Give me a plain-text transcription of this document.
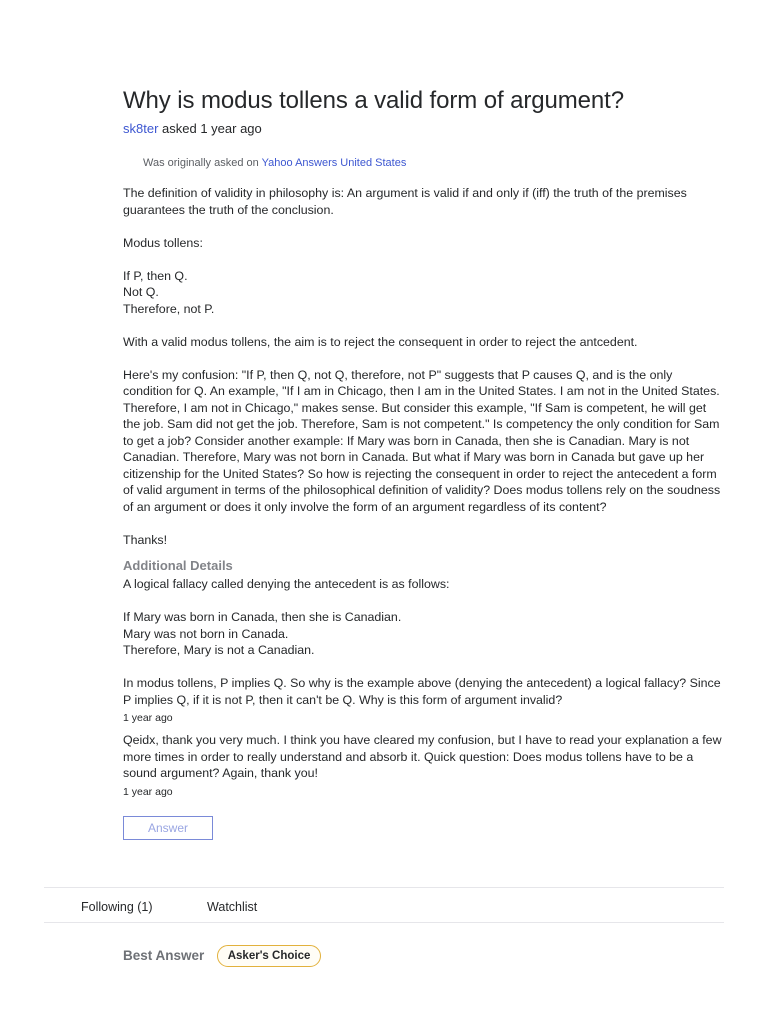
Why is modus tollens a valid form of argument?
sk8ter asked 1 year ago
Was originally asked on Yahoo Answers United States

The definition of validity in philosophy is: An argument is valid if and only if (iff) the truth of the premises guarantees the truth of the conclusion.

Modus tollens:

If P, then Q.
Not Q.
Therefore, not P.

With a valid modus tollens, the aim is to reject the consequent in order to reject the antcedent.

Here's my confusion: "If P, then Q, not Q, therefore, not P" suggests that P causes Q, and is the only condition for Q. An example, "If I am in Chicago, then I am in the United States. I am not in the United States. Therefore, I am not in Chicago," makes sense. But consider this example, "If Sam is competent, he will get the job. Sam did not get the job. Therefore, Sam is not competent." Is competency the only condition for Sam to get a job? Consider another example: If Mary was born in Canada, then she is Canadian. Mary is not Canadian. Therefore, Mary was not born in Canada. But what if Mary was born in Canada but gave up her citizenship for the United States? So how is rejecting the consequent in order to reject the antecedent a form of valid argument in terms of the philosophical definition of validity? Does modus tollens rely on the soudness of an argument or does it only involve the form of an argument regardless of its content?

Thanks!

Additional Details

A logical fallacy called denying the antecedent is as follows:

If Mary was born in Canada, then she is Canadian.
Mary was not born in Canada.
Therefore, Mary is not a Canadian.

In modus tollens, P implies Q. So why is the example above (denying the antecedent) a logical fallacy? Since P implies Q, if it is not P, then it can't be Q. Why is this form of argument invalid?

1 year ago

Qeidx, thank you very much. I think you have cleared my confusion, but I have to read your explanation a few more times in order to really understand and absorb it. Quick question: Does modus tollens have to be a sound argument? Again, thank you!

1 year ago
Answer
Following (1)	Watchlist
Best Answer Asker's Choice
